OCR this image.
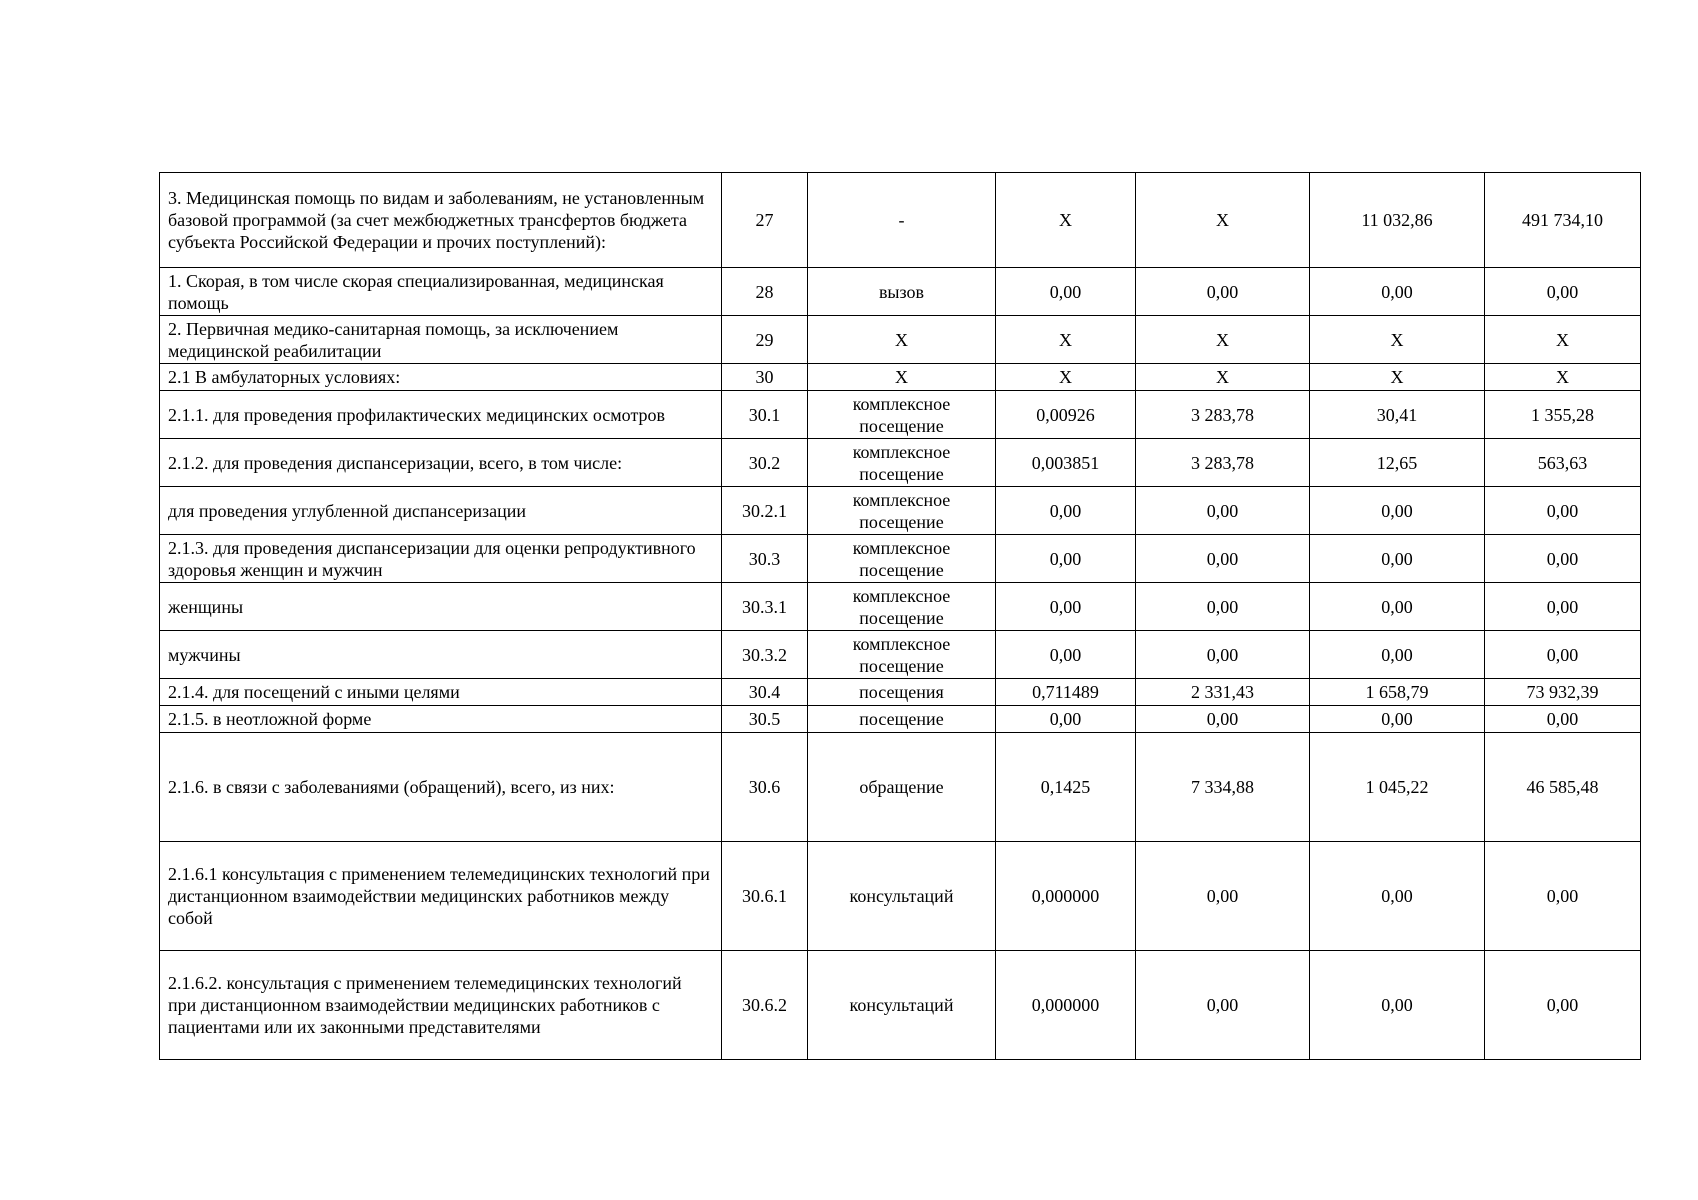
3. Медицинская помощь по видам и заболеваниям, не установленным базовой программой (за счет межбюджетных трансфертов бюджета субъекта Российской Федерации и прочих поступлений):	27	-	Х	Х	11 032,86	491 734,10
1. Скорая, в том числе скорая специализированная, медицинская помощь	28	вызов	0,00	0,00	0,00	0,00
2. Первичная медико-санитарная помощь, за исключением медицинской реабилитации	29	Х	Х	Х	Х	Х
2.1 В амбулаторных условиях:	30	Х	Х	Х	Х	Х
2.1.1. для проведения профилактических медицинских осмотров	30.1	комплексное посещение	0,00926	3 283,78	30,41	1 355,28
2.1.2. для проведения диспансеризации, всего, в том числе:	30.2	комплексное посещение	0,003851	3 283,78	12,65	563,63
для проведения углубленной диспансеризации	30.2.1	комплексное посещение	0,00	0,00	0,00	0,00
2.1.3. для проведения диспансеризации для оценки репродуктивного здоровья женщин и мужчин	30.3	комплексное посещение	0,00	0,00	0,00	0,00
женщины	30.3.1	комплексное посещение	0,00	0,00	0,00	0,00
мужчины	30.3.2	комплексное посещение	0,00	0,00	0,00	0,00
2.1.4. для посещений с иными целями	30.4	посещения	0,711489	2 331,43	1 658,79	73 932,39
2.1.5. в неотложной форме	30.5	посещение	0,00	0,00	0,00	0,00
2.1.6. в связи с заболеваниями (обращений), всего, из них:	30.6	обращение	0,1425	7 334,88	1 045,22	46 585,48
2.1.6.1 консультация с применением телемедицинских технологий при дистанционном взаимодействии медицинских работников между собой	30.6.1	консультаций	0,000000	0,00	0,00	0,00
2.1.6.2. консультация с применением телемедицинских технологий при дистанционном взаимодействии медицинских работников с пациентами или их законными представителями	30.6.2	консультаций	0,000000	0,00	0,00	0,00
